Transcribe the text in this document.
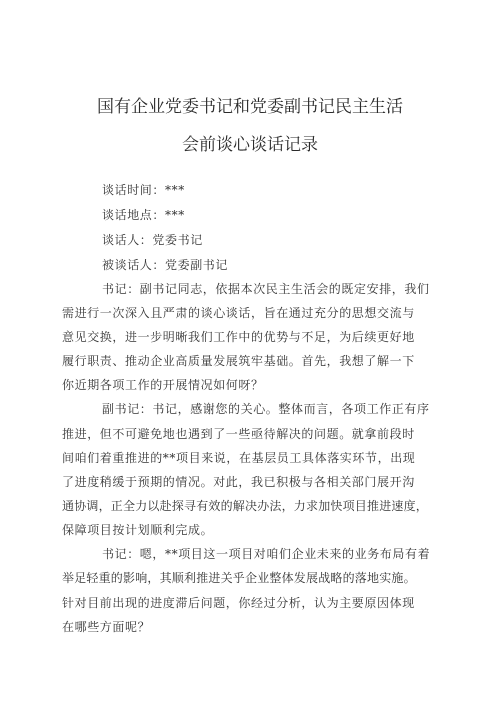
国有企业党委书记和党委副书记民主生活
会前谈心谈话记录
谈话时间：***
谈话地点：***
谈话人：党委书记
被谈话人：党委副书记
书记：副书记同志，依据本次民主生活会的既定安排，我们
需进行一次深入且严肃的谈心谈话，旨在通过充分的思想交流与
意见交换，进一步明晰我们工作中的优势与不足，为后续更好地
履行职责、推动企业高质量发展筑牢基础。首先，我想了解一下
你近期各项工作的开展情况如何呀？
副书记：书记，感谢您的关心。整体而言，各项工作正有序
推进，但不可避免地也遇到了一些亟待解决的问题。就拿前段时
间咱们着重推进的**项目来说，在基层员工具体落实环节，出现
了进度稍缓于预期的情况。对此，我已积极与各相关部门展开沟
通协调，正全力以赴探寻有效的解决办法，力求加快项目推进速度，
保障项目按计划顺利完成。
书记：嗯，**项目这一项目对咱们企业未来的业务布局有着
举足轻重的影响，其顺利推进关乎企业整体发展战略的落地实施。
针对目前出现的进度滞后问题，你经过分析，认为主要原因体现
在哪些方面呢？
